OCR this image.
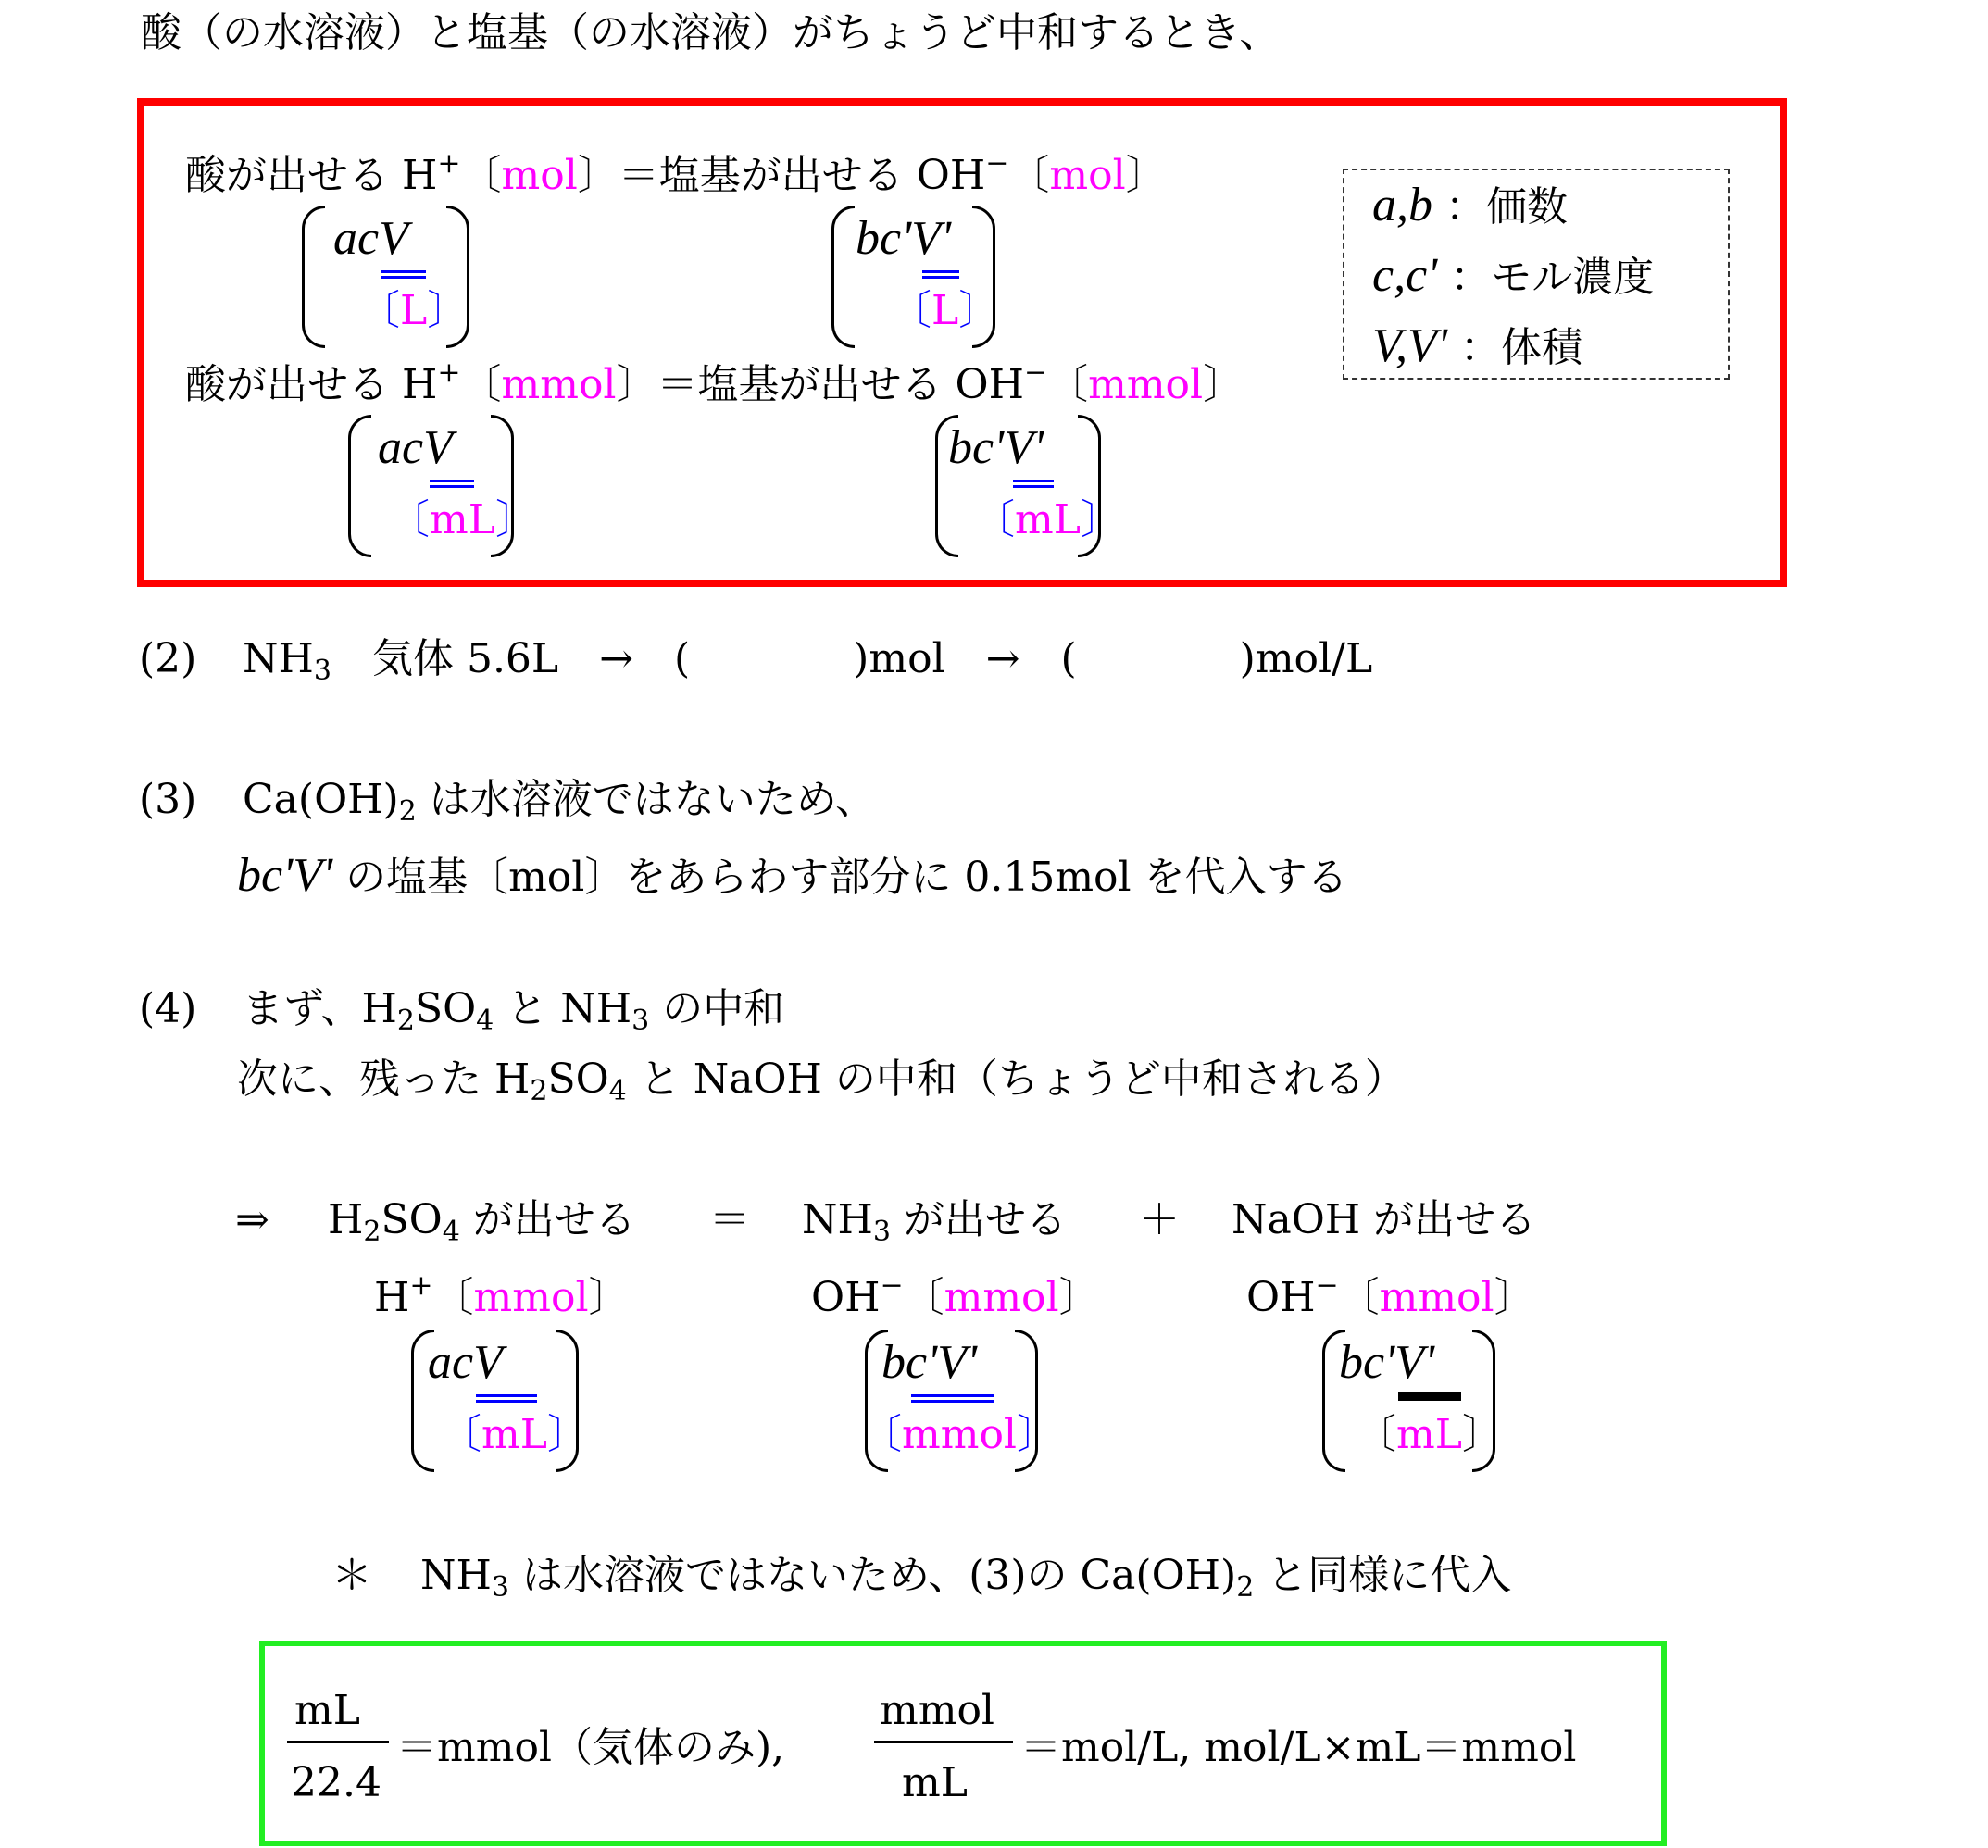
酸（の水溶液）と塩基（の水溶液）がちょうど中和するとき、
酸が出せる H+〔mol〕＝塩基が出せる OH−〔mol〕
acV
〔L〕
bc'V'
〔L〕
酸が出せる H+〔mmol〕＝塩基が出せる OH−〔mmol〕
acV
〔mL〕
bc'V'
〔mL〕
a,b ：価数
c,c' ：モル濃度
V,V' ：体積
(2) $NH_3$　気体 5.6L　→　(　　　　)mol　→　(　　　　)mol/L
(3) $Ca(OH)_2$ は水溶液ではないため、
bc'V' の塩基〔mol〕をあらわす部分に 0.15mol を代入する
(4) まず、$H_2SO_4$ と $NH_3$ の中和
次に、残った $H_2SO_4$ と NaOH の中和（ちょうど中和される）
⇒ $H_2SO_4$ が出せる ＝ $NH_3$ が出せる ＋ NaOH が出せる
H+〔mmol〕	OH−〔mmol〕	OH−〔mmol〕
acV
〔mL〕
bc'V'
〔mmol〕
bc'V'
〔mL〕
＊ $NH_3$ は水溶液ではないため、(3)の $Ca(OH)_2$ と同様に代入
mL
22.4
＝mmol（気体のみ),
mmol
mL
＝mol/L, mol/L×mL＝mmol
